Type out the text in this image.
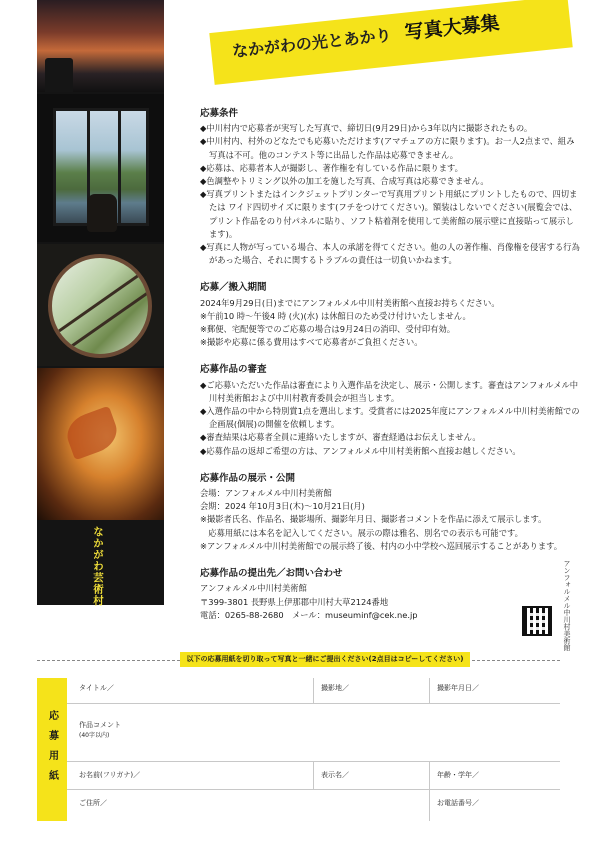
なかがわ芸術村
なかがわの光とあかり 写真大募集
応募条件
◆中川村内で応募者が実写した写真で、締切日(9月29日)から3年以内に撮影されたもの。
◆中川村内、村外のどなたでも応募いただけます(アマチュアの方に限ります)。お一人2点まで、組み写真は不可。他のコンテスト等に出品した作品は応募できません。
◆応募は、応募者本人が撮影し、著作権を有している作品に限ります。
◆色調整やトリミング以外の加工を施した写真、合成写真は応募できません。
◆写真プリントまたはインクジェットプリンターで写真用プリント用紙にプリントしたもので、四切または ワイド四切サイズに限ります(フチをつけてください)。額装はしないでください(展覧会では、プリント作品をのり付パネルに貼り、ソフト粘着剤を使用して美術館の展示壁に直接貼って展示します)。
◆写真に人物が写っている場合、本人の承諾を得てください。他の人の著作権、肖像権を侵害する行為があった場合、それに関するトラブルの責任は一切負いかねます。
応募／搬入期間
2024年9月29日(日)までにアンフォルメル中川村美術館へ直接お持ちください。
※午前10 時〜午後4 時 (火)(水) は休館日のため受け付けいたしません。
※郵便、宅配便等でのご応募の場合は9月24日の消印、受付印有効。
※撮影や応募に係る費用はすべて応募者がご負担ください。
応募作品の審査
◆ご応募いただいた作品は審査により入選作品を決定し、展示・公開します。審査はアンフォルメル中川村美術館および中川村教育委員会が担当します。
◆入選作品の中から特別賞1点を選出します。受賞者には2025年度にアンフォルメル中川村美術館での企画展(個展)の開催を依頼します。
◆審査結果は応募者全員に連絡いたしますが、審査経過はお伝えしません。
◆応募作品の返却ご希望の方は、アンフォルメル中川村美術館へ直接お越しください。
応募作品の展示・公開
会場：アンフォルメル中川村美術館
会期：2024 年10月3日(木)〜10月21日(月)
※撮影者氏名、作品名、撮影場所、撮影年月日、撮影者コメントを作品に添えて展示します。
　応募用紙には本名を記入してください。展示の際は雅名、別名での表示も可能です。
※アンフォルメル中川村美術館での展示終了後、村内の小中学校へ巡回展示することがあります。
応募作品の提出先／お問い合わせ
アンフォルメル中川村美術館
〒399-3801 長野県上伊那郡中川村大草2124番地
電話：0265-88-2680　メール：museuminf@cek.ne.jp	アンフォルメル中川村美術館
以下の応募用紙を切り取って写真と一緒にご提出ください(2点目はコピーしてください)
応募用紙
タイトル／	撮影地／	撮影年月日／
作品コメント
(40字以内)
お名前(フリガナ)／	表示名／	年齢・学年／
ご住所／	お電話番号／
